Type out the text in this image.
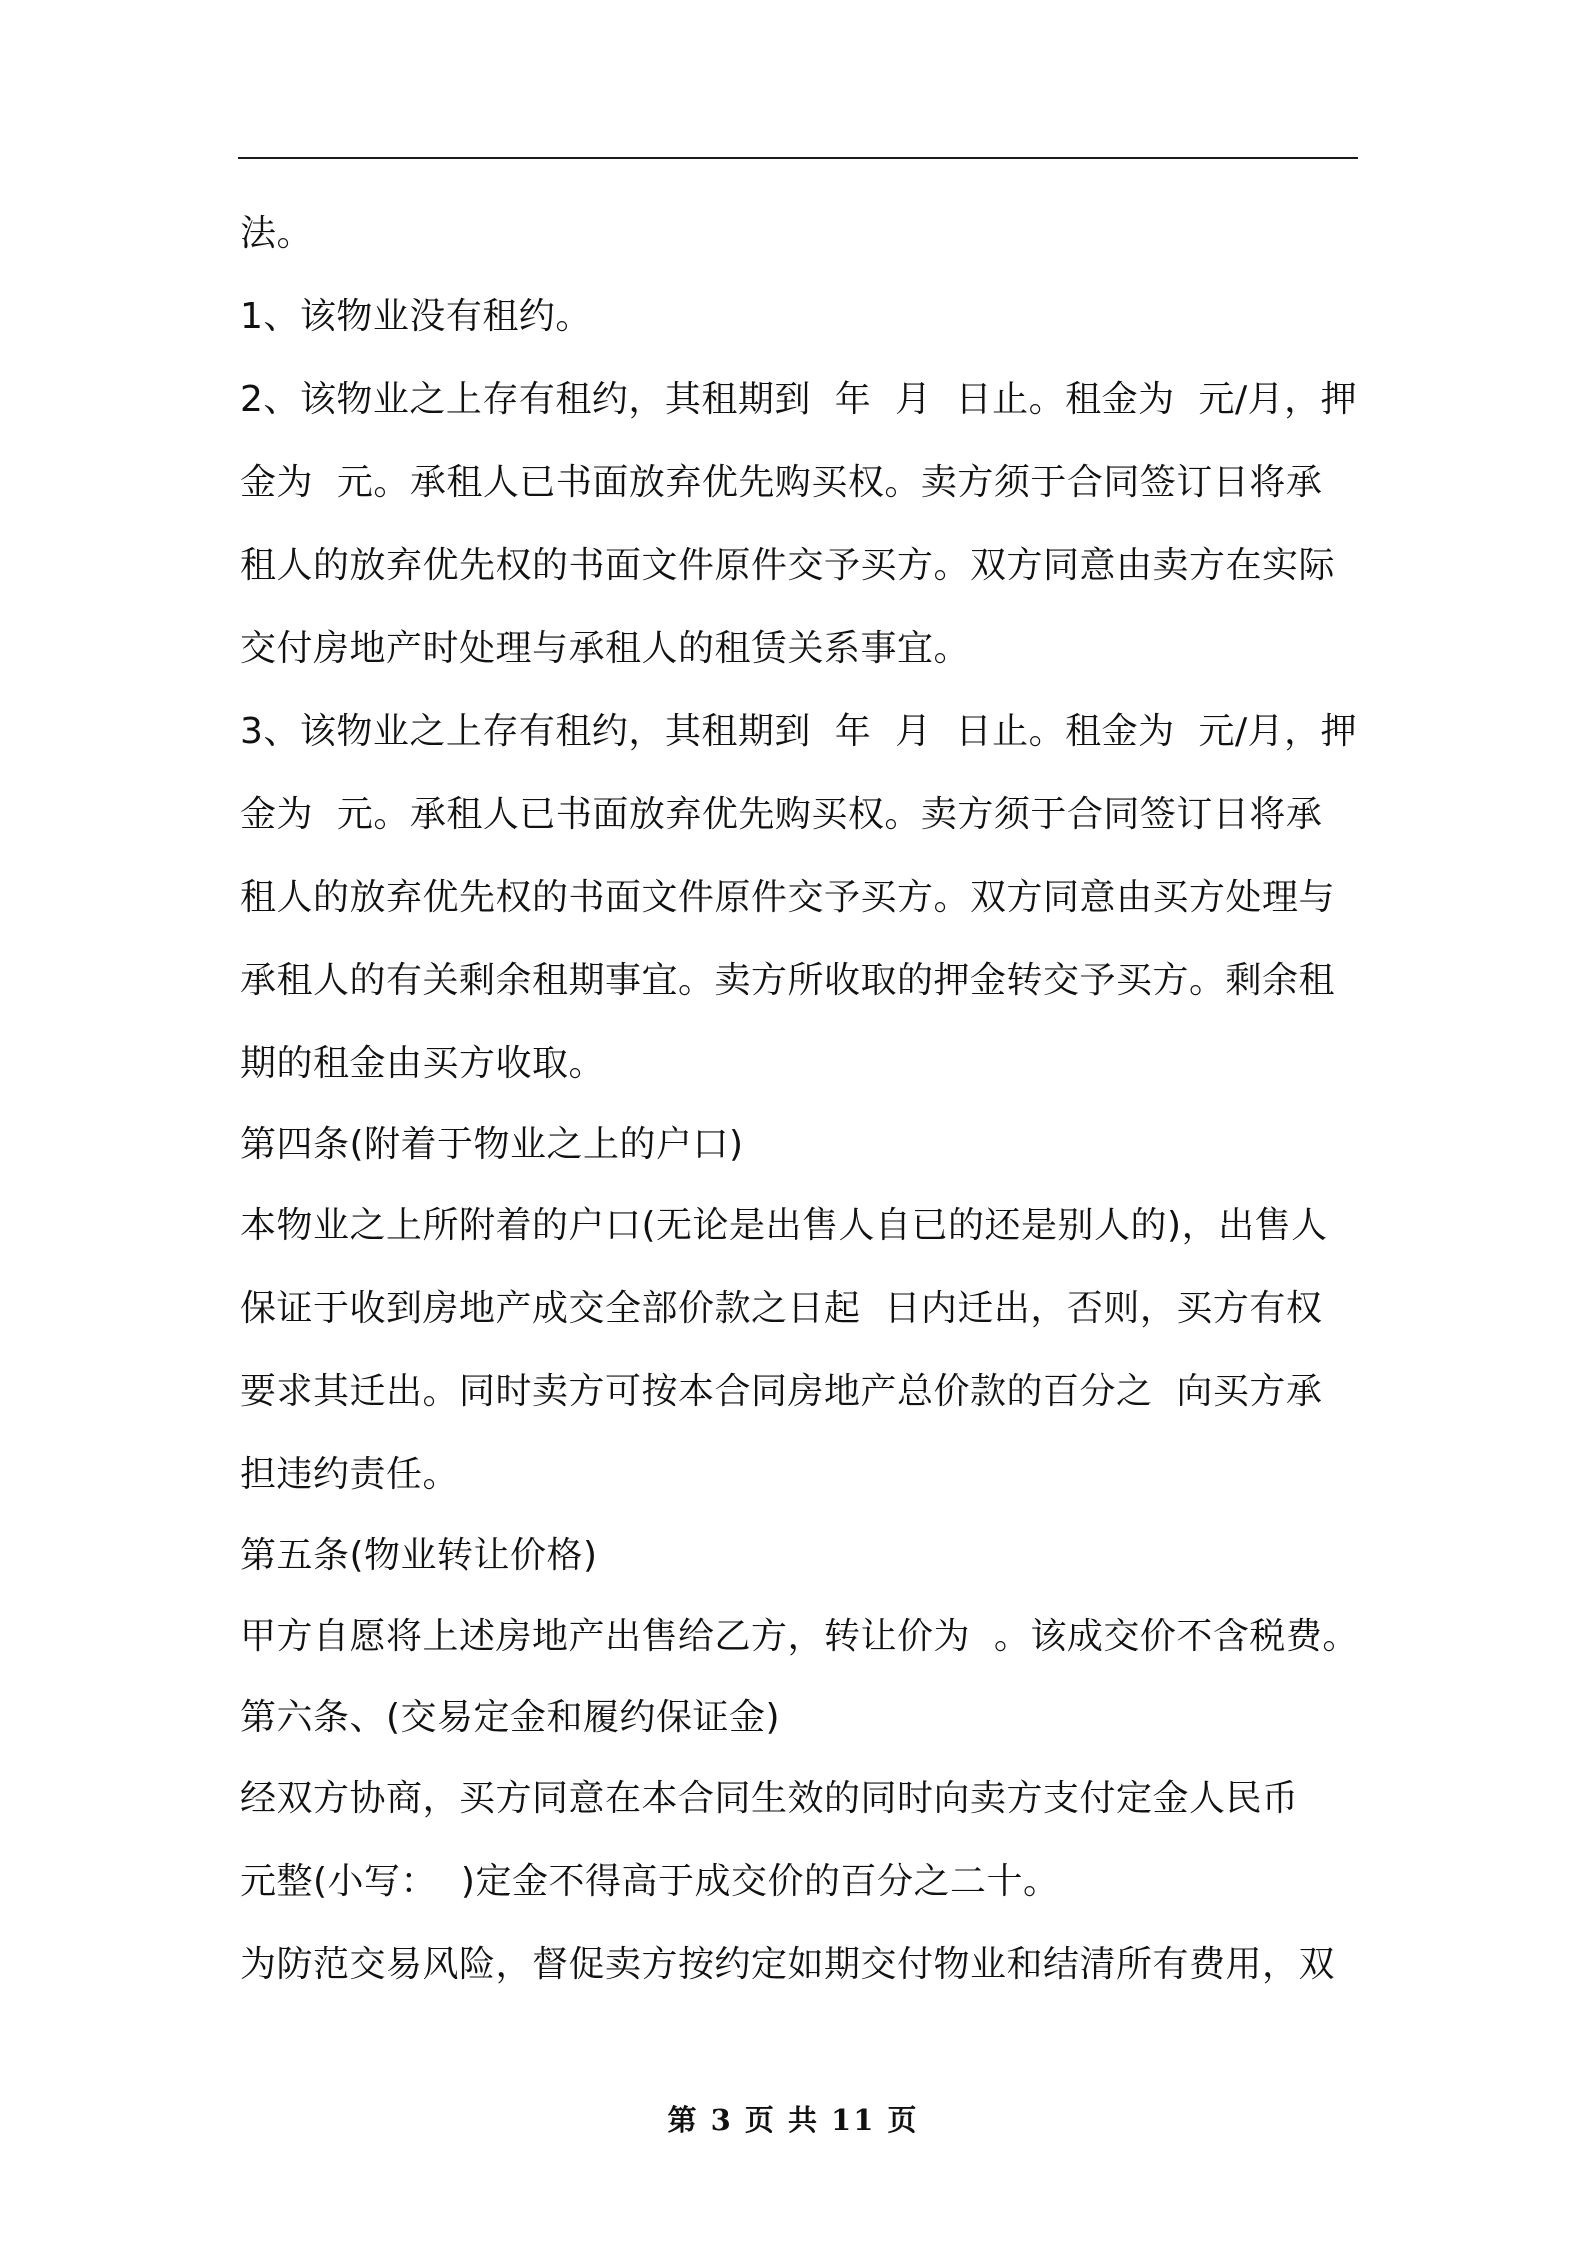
法。
1、该物业没有租约。
2、该物业之上存有租约，其租期到  年  月  日止。租金为  元/月，押
金为  元。承租人已书面放弃优先购买权。卖方须于合同签订日将承
租人的放弃优先权的书面文件原件交予买方。双方同意由卖方在实际
交付房地产时处理与承租人的租赁关系事宜。
3、该物业之上存有租约，其租期到  年  月  日止。租金为  元/月，押
金为  元。承租人已书面放弃优先购买权。卖方须于合同签订日将承
租人的放弃优先权的书面文件原件交予买方。双方同意由买方处理与
承租人的有关剩余租期事宜。卖方所收取的押金转交予买方。剩余租
期的租金由买方收取。
第四条(附着于物业之上的户口)
本物业之上所附着的户口(无论是出售人自已的还是别人的)，出售人
保证于收到房地产成交全部价款之日起  日内迁出，否则，买方有权
要求其迁出。同时卖方可按本合同房地产总价款的百分之  向买方承
担违约责任。
第五条(物业转让价格)
甲方自愿将上述房地产出售给乙方，转让价为  。该成交价不含税费。
第六条、(交易定金和履约保证金)
经双方协商，买方同意在本合同生效的同时向卖方支付定金人民币
元整(小写：  )定金不得高于成交价的百分之二十。
为防范交易风险，督促卖方按约定如期交付物业和结清所有费用，双
第 3 页 共 11 页
